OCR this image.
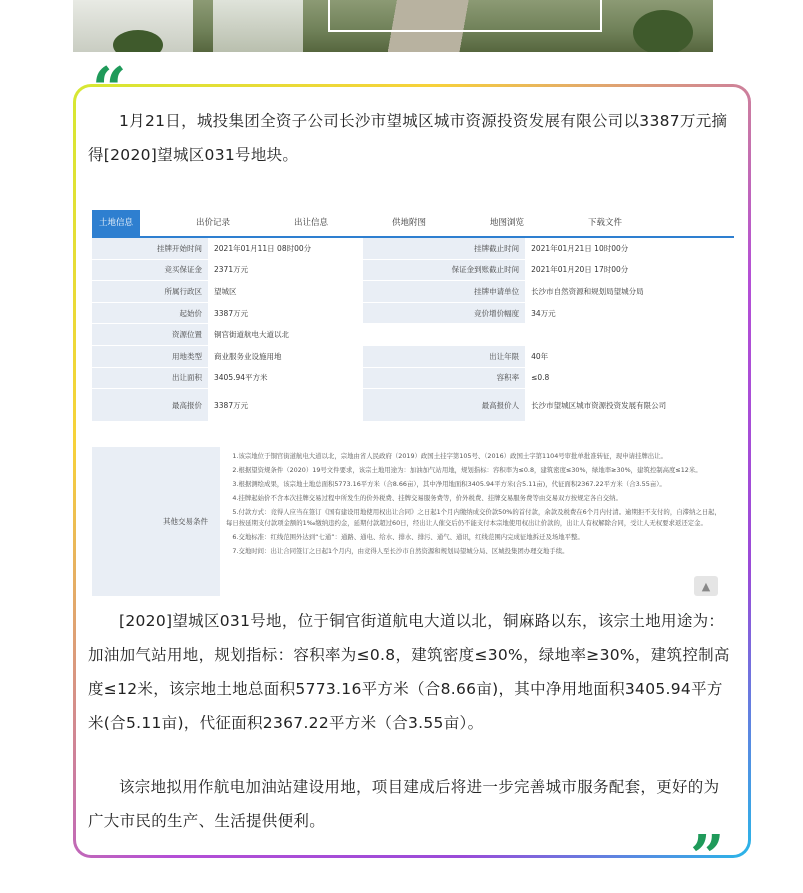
“
”
1月21日，城投集团全资子公司长沙市望城区城市资源投资发展有限公司以3387万元摘得[2020]望城区031号地块。
土地信息	出价记录	出让信息	供地附图	地图浏览	下载文件
挂牌开始时间	2021年01月11日 08时00分	挂牌截止时间	2021年01月21日 10时00分
竞买保证金	2371万元	保证金到账截止时间	2021年01月20日 17时00分
所属行政区	望城区	挂牌申请单位	长沙市自然资源和规划局望城分局
起始价	3387万元	竞价增价幅度	34万元
资源位置	铜官街道航电大道以北		
用地类型	商业服务业设施用地	出让年限	40年
出让面积	3405.94平方米	容积率	≤0.8
最高报价	3387万元	最高报价人	长沙市望城区城市资源投资发展有限公司
其他交易条件

1.该宗地位于铜官街道航电大道以北，宗地由省人民政府（2019）政国土挂字第105号、（2016）政国土字第1104号审批单批准转征，现申请挂牌出让。

2.根据望资规条件（2020）19号文件要求，该宗土地用途为：加油加气站用地，规划指标：容积率为≤0.8，建筑密度≤30%，绿地率≥30%，建筑控制高度≤12米。

3.根据测绘成果，该宗地土地总面积5773.16平方米（合8.66亩），其中净用地面积3405.94平方米(合5.11亩)，代征面积2367.22平方米（合3.55亩）。

4.挂牌起始价不含本次挂牌交易过程中所发生的价外税费、挂牌交易服务费等，价外税费、挂牌交易服务费等由交易双方按规定各自交纳。

5.付款方式：竞得人应当在签订《国有建设用地使用权出让合同》之日起1个月内缴纳成交价款50%的首付款，余款及税费在6个月内付清。逾期拒不支付的，自滞纳之日起，每日按延期支付款项金额的1‰缴纳违约金，延期付款超过60日，经出让人催交后仍不能支付本宗地使用权出让价款的，出让人有权解除合同，受让人无权要求返还定金。

6.交地标准：红线范围外达到“七通”：通路、通电、给水、排水、排污、通气、通讯，红线范围内完成征地拆迁及场地平整。

7.交地时间：出让合同签订之日起1个月内，由竞得人至长沙市自然资源和规划局望城分局、区城投集团办理交地手续。

▲
[2020]望城区031号地，位于铜官街道航电大道以北，铜麻路以东，该宗土地用途为：加油加气站用地，规划指标：容积率为≤0.8，建筑密度≤30%，绿地率≥30%，建筑控制高度≤12米，该宗地土地总面积5773.16平方米（合8.66亩)，其中净用地面积3405.94平方米(合5.11亩)，代征面积2367.22平方米（合3.55亩）。
该宗地拟用作航电加油站建设用地，项目建成后将进一步完善城市服务配套，更好的为广大市民的生产、生活提供便利。
